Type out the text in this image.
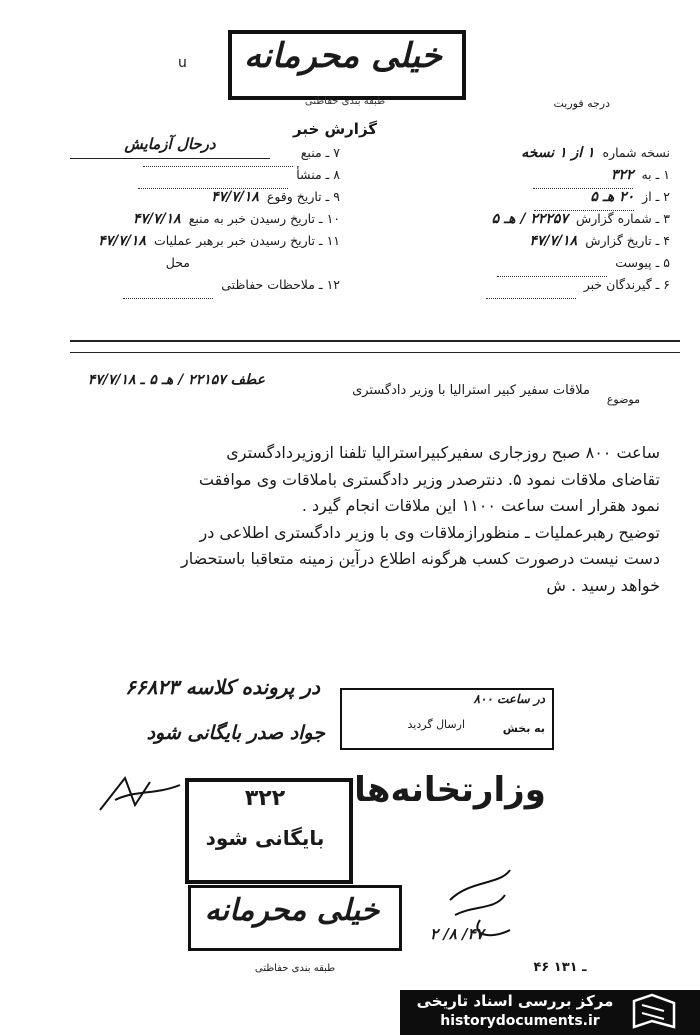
خیلی محرمانه
طبقه بندی حفاظتی
u
درجه فوریت
گزارش خبر
درحال آزمایش	نسخه شماره
۱ از ۱ نسخه
۱ ـ به
۳۲۲
۲ ـ از
۲۰ هـ ۵
۳ ـ شماره گزارش
۲۲۲۵۷ / هـ ۵
۴ ـ تاریخ گزارش
۴۷/۷/۱۸
۵ ـ پیوست
۶ ـ گیرندگان خبر
۷ ـ منبع
۸ ـ منشأ
۹ ـ تاریخ وقوع
۴۷/۷/۱۸
۱۰ ـ تاریخ رسیدن خبر به منبع
۴۷/۷/۱۸
۱۱ ـ تاریخ رسیدن خبر برهبر عملیات
۴۷/۷/۱۸
محل
۱۲ ـ ملاحظات حفاظتی
موضوع
ملاقات سفیر کبیر استرالیا با وزیر دادگستری
عطف ۲۲۱۵۷ / هـ ۵ ـ ۴۷/۷/۱۸
ساعت ۸۰۰ صبح روزجاری سفیرکبیراسترالیا تلفنا ازوزیردادگستری
تقاضای ملاقات نمود ۵. دنترصدر وزیر دادگستری باملاقات وی موافقت
نمود هقرار است ساعت ۱۱۰۰ این ملاقات انجام گیرد .
توضیح رهبرعملیات ـ منظورازملاقات وی با وزیر دادگستری اطلاعی در
دست نیست درصورت کسب هرگونه اطلاع درآین زمینه متعاقبا باستحضار
خواهد رسید . ش
در پرونده کلاسه ۶۶۸۲۳
جواد صدر بایگانی شود
در ساعت ۸۰۰
به بخش
ارسال گردید
وزارتخانه‌ها
۳۲۲
بایگانی شود
۲ /۸ /۴۷
خیلی محرمانه
طبقه بندی حفاظتی	۴۶ ـ ۱۳۱
مرکز بررسی اسناد تاریخی
historydocuments.ir
